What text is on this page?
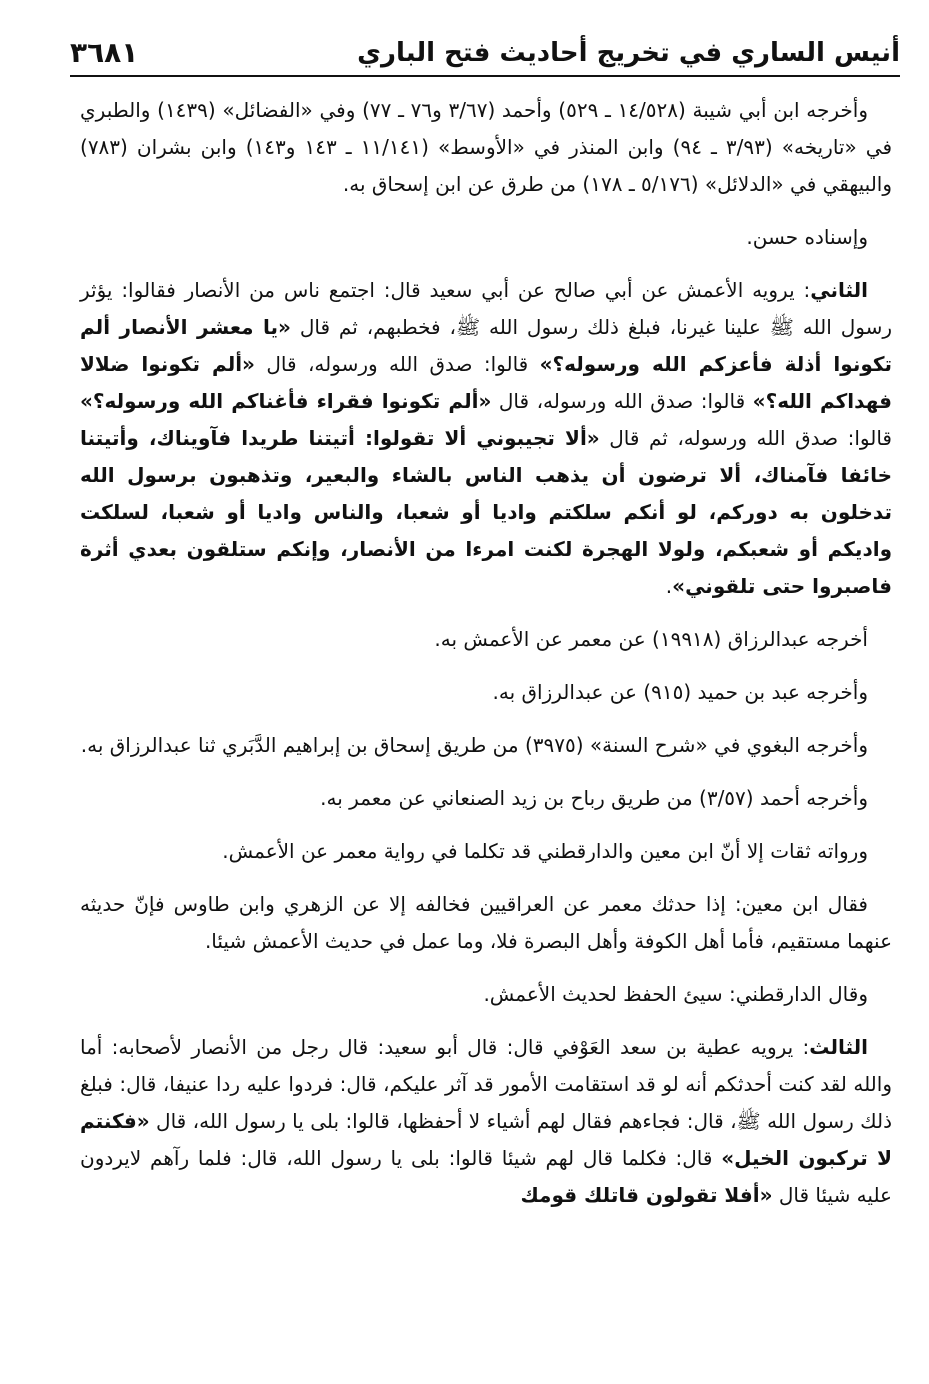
أنيس الساري في تخريج أحاديث فتح الباري
٣٦٨١

وأخرجه ابن أبي شيبة (١٤/٥٢٨ ـ ٥٢٩) وأحمد (٣/٦٧ و٧٦ ـ ٧٧) وفي «الفضائل» (١٤٣٩) والطبري في «تاريخه» (٣/٩٣ ـ ٩٤) وابن المنذر في «الأوسط» (١١/١٤١ ـ ١٤٣ و١٤٣) وابن بشران (٧٨٣) والبيهقي في «الدلائل» (٥/١٧٦ ـ ١٧٨) من طرق عن ابن إسحاق به.

وإسناده حسن.

الثاني: يرويه الأعمش عن أبي صالح عن أبي سعيد قال: اجتمع ناس من الأنصار فقالوا: يؤثر رسول الله ﷺ علينا غيرنا، فبلغ ذلك رسول الله ﷺ، فخطبهم، ثم قال «يا معشر الأنصار ألم تكونوا أذلة فأعزكم الله ورسوله؟» قالوا: صدق الله ورسوله، قال «ألم تكونوا ضلالا فهداكم الله؟» قالوا: صدق الله ورسوله، قال «ألم تكونوا فقراء فأغناكم الله ورسوله؟» قالوا: صدق الله ورسوله، ثم قال «ألا تجيبوني ألا تقولوا: أتيتنا طريدا فآويناك، وأتيتنا خائفا فآمناك، ألا ترضون أن يذهب الناس بالشاء والبعير، وتذهبون برسول الله تدخلون به دوركم، لو أنكم سلكتم واديا أو شعبا، والناس واديا أو شعبا، لسلكت واديكم أو شعبكم، ولولا الهجرة لكنت امرءا من الأنصار، وإنكم ستلقون بعدي أثرة فاصبروا حتى تلقوني».

أخرجه عبدالرزاق (١٩٩١٨) عن معمر عن الأعمش به.

وأخرجه عبد بن حميد (٩١٥) عن عبدالرزاق به.

وأخرجه البغوي في «شرح السنة» (٣٩٧٥) من طريق إسحاق بن إبراهيم الدَّبَري ثنا عبدالرزاق به.

وأخرجه أحمد (٣/٥٧) من طريق رباح بن زيد الصنعاني عن معمر به.

ورواته ثقات إلا أنّ ابن معين والدارقطني قد تكلما في رواية معمر عن الأعمش.

فقال ابن معين: إذا حدثك معمر عن العراقيين فخالفه إلا عن الزهري وابن طاوس فإنّ حديثه عنهما مستقيم، فأما أهل الكوفة وأهل البصرة فلا، وما عمل في حديث الأعمش شيئا.

وقال الدارقطني: سيئ الحفظ لحديث الأعمش.

الثالث: يرويه عطية بن سعد العَوْفي قال: قال أبو سعيد: قال رجل من الأنصار لأصحابه: أما والله لقد كنت أحدثكم أنه لو قد استقامت الأمور قد آثر عليكم، قال: فردوا عليه ردا عنيفا، قال: فبلغ ذلك رسول الله ﷺ، قال: فجاءهم فقال لهم أشياء لا أحفظها، قالوا: بلى يا رسول الله، قال «فكنتم لا تركبون الخيل» قال: فكلما قال لهم شيئا قالوا: بلى يا رسول الله، قال: فلما رآهم لايردون عليه شيئا قال «أفلا تقولون قاتلك قومك
